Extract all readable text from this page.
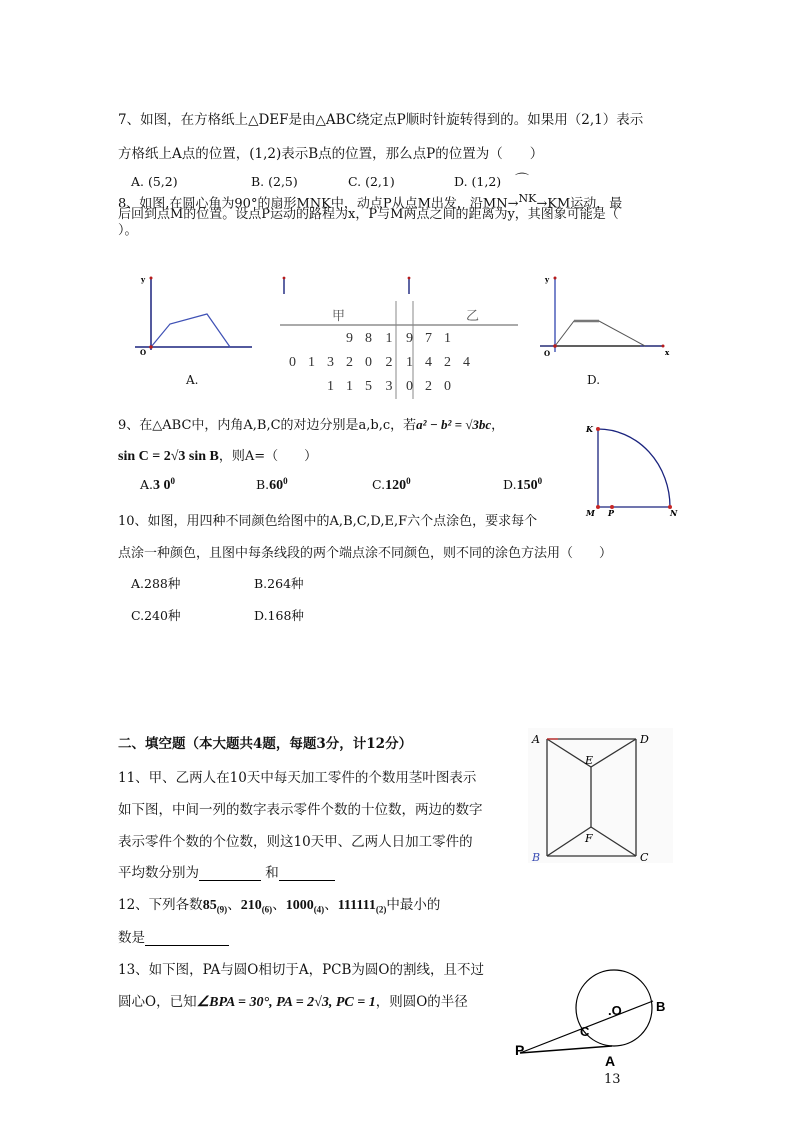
7、如图，在方格纸上△DEF是由△ABC绕定点P顺时针旋转得到的。如果用（2,1）表示
方格纸上A点的位置，(1,2)表示B点的位置，那么点P的位置为（　　）
A. (5,2)	B. (2,5)	C. (2,1)	D. (1,2) ⌒
8、如图,在圆心角为90°的扇形MNK中，动点P从点M出发，沿MN→$^{NK}$→KM运动，最
后回到点M的位置。设点P运动的路程为x，P与M两点之间的距离为y，其图象可能是（
）。
y
O
A.
甲	乙
			9	8	1	9	7	1	
0	1	3	2	0	2	1	4	2	4
		1	1	5	3	0	2	0	
y
O	x
D.
9、在△ABC中，内角A,B,C的对边分别是a,b,c，若a² − b² = √3bc，
sin C = 2√3 sin B，则A=（　　）
A.3 $0^0$	$B.60^0$	C.120$^0$	D.150$^0$
K
M P	N
10、如图，用四种不同颜色给图中的A,B,C,D,E,F六个点涂色，要求每个
点涂一种颜色，且图中每条线段的两个端点涂不同颜色，则不同的涂色方法用（　　）
A.288种	B.264种
C.240种	D.168种
二、填空题（本大题共4题，每题3分，计12分）
11、甲、乙两人在10天中每天加工零件的个数用茎叶图表示
如下图，中间一列的数字表示零件个数的十位数，两边的数字
表示零件个数的个位数，则这10天甲、乙两人日加工零件的
平均数分别为	和
A	D
E
F
B	C
12、下列各数$85_{(9)}$、$210_{(6)}$、$1000_{(4)}$、$111111_{(2)}$中最小的
数是
13、如下图，PA与圆O相切于A，PCB为圆O的割线，且不过
圆心O，已知∠BPA = 30°, PA = 2√3, PC = 1，则圆O的半径
P
C
.O	B
A
13
